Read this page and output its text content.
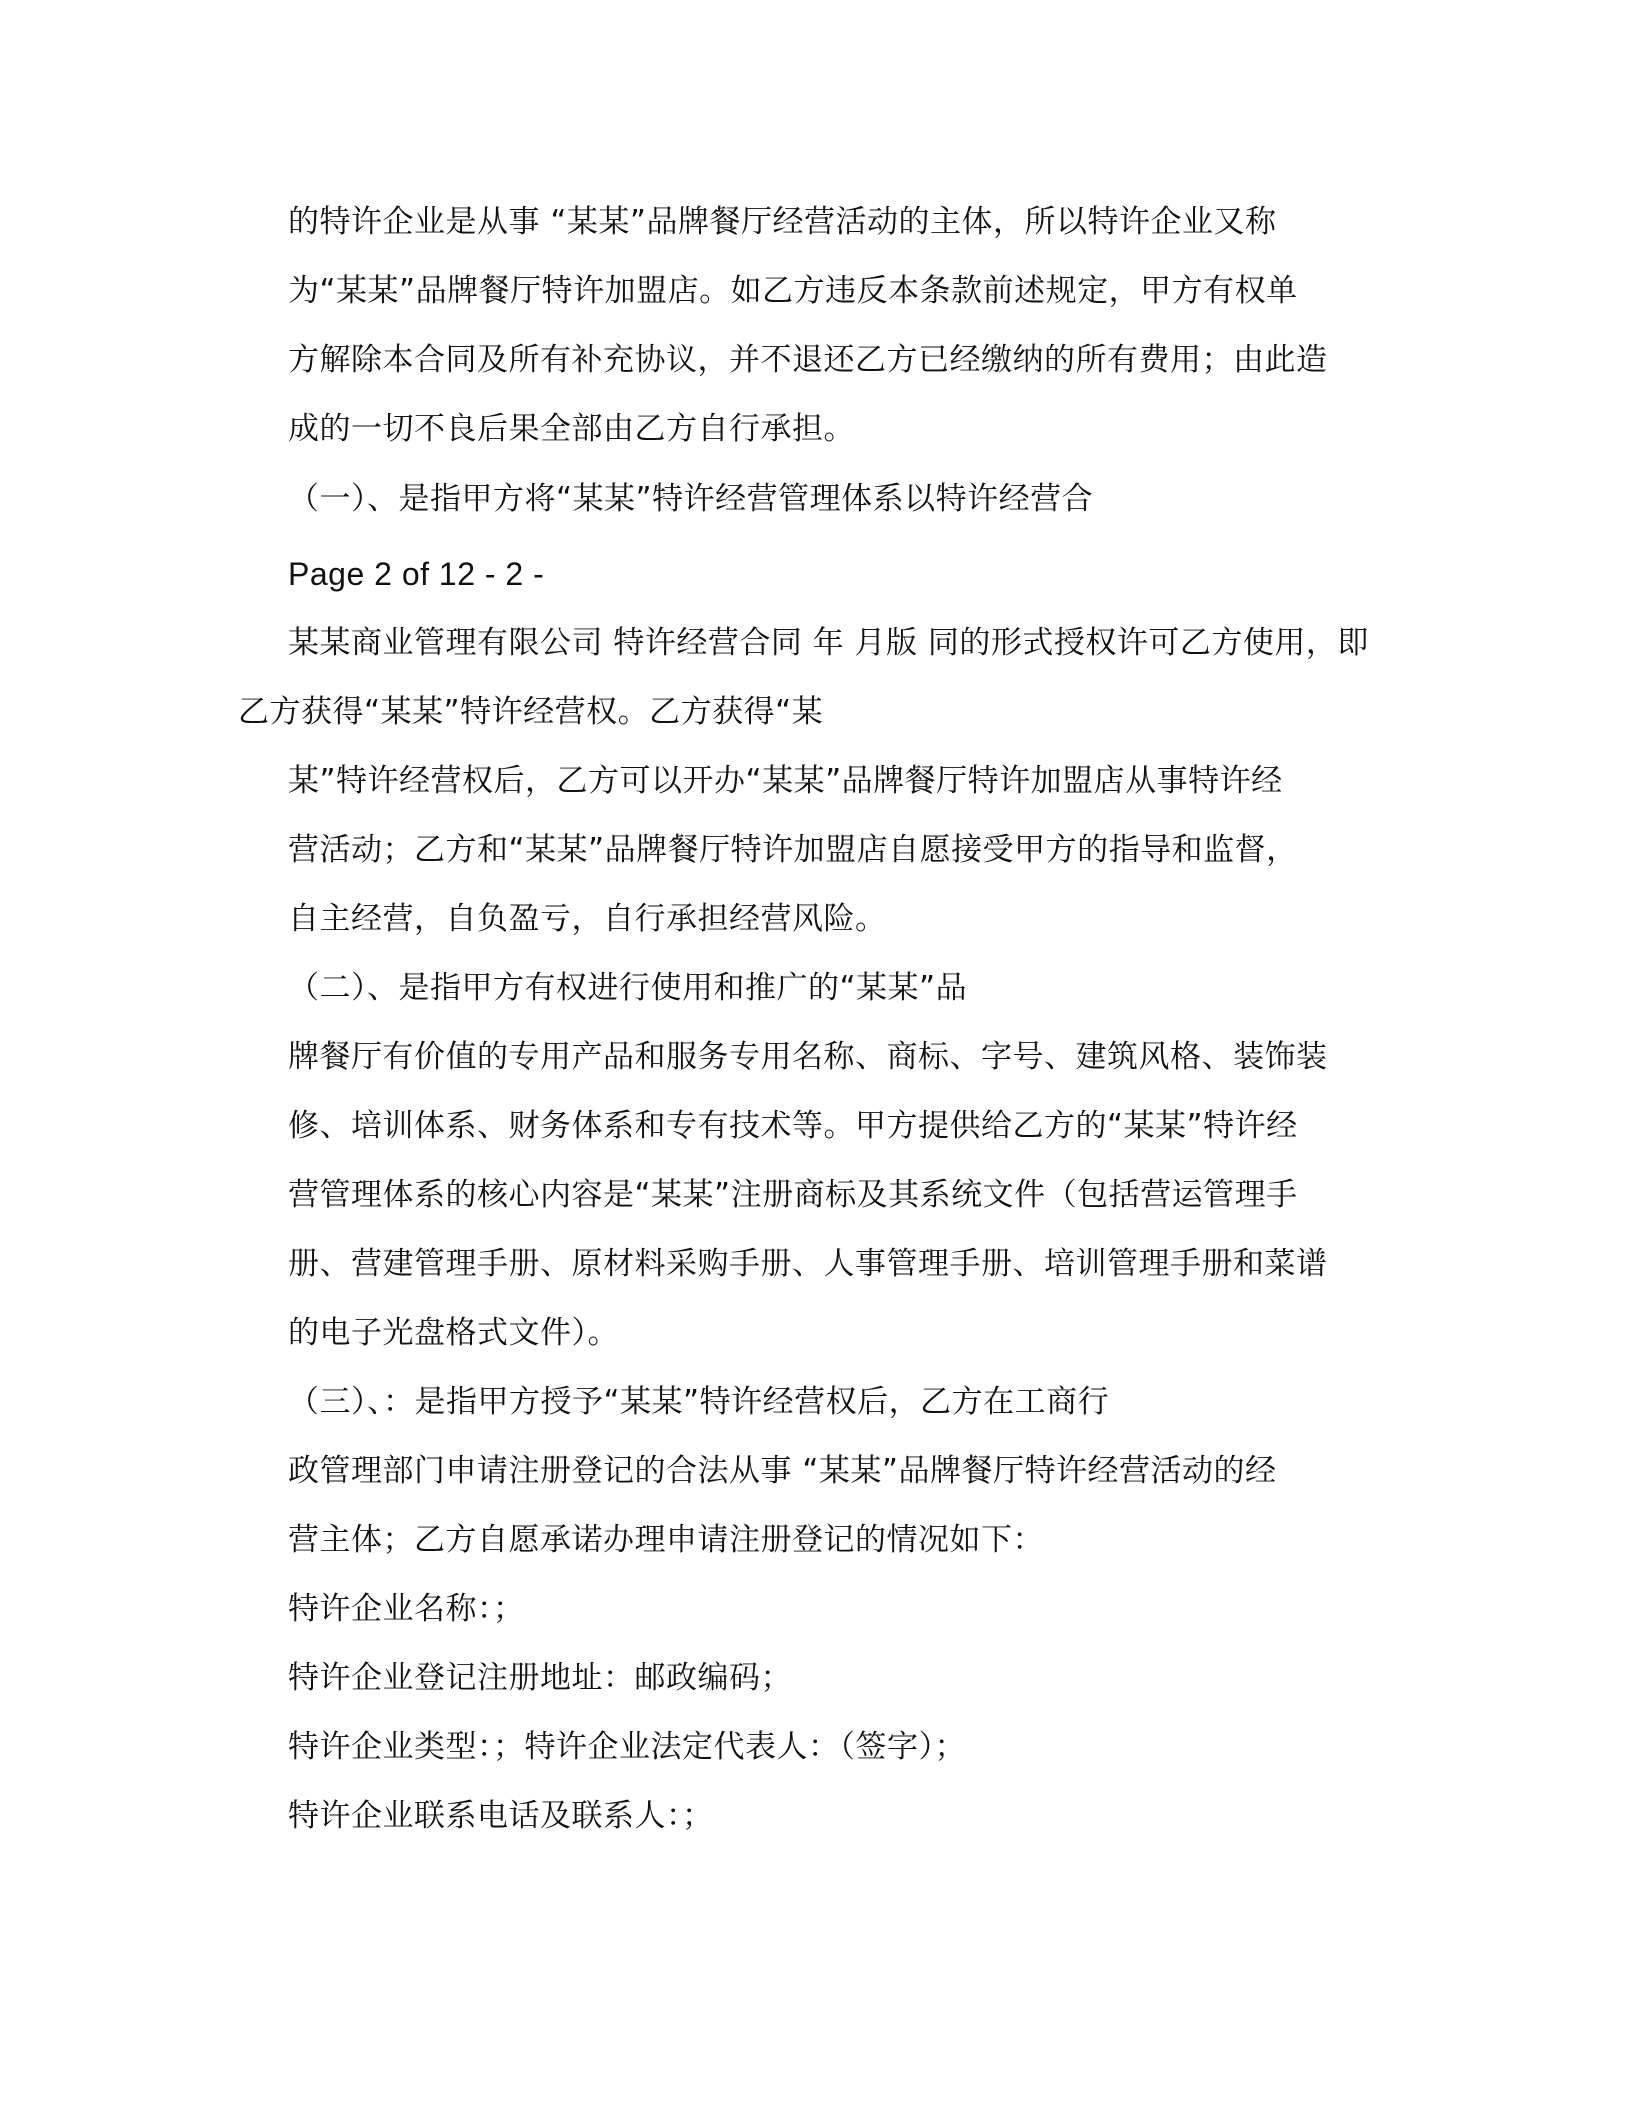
的特许企业是从事 “某某”品牌餐厅经营活动的主体，所以特许企业又称
为“某某”品牌餐厅特许加盟店。如乙方违反本条款前述规定，甲方有权单
方解除本合同及所有补充协议，并不退还乙方已经缴纳的所有费用；由此造
成的一切不良后果全部由乙方自行承担。
（一）、是指甲方将“某某”特许经营管理体系以特许经营合
Page 2 of 12 - 2 -
某某商业管理有限公司 特许经营合同 年 月版 同的形式授权许可乙方使用，即
乙方获得“某某”特许经营权。乙方获得“某
某”特许经营权后，乙方可以开办“某某”品牌餐厅特许加盟店从事特许经
营活动；乙方和“某某”品牌餐厅特许加盟店自愿接受甲方的指导和监督，
自主经营，自负盈亏，自行承担经营风险。
（二）、是指甲方有权进行使用和推广的“某某”品
牌餐厅有价值的专用产品和服务专用名称、商标、字号、建筑风格、装饰装
修、培训体系、财务体系和专有技术等。甲方提供给乙方的“某某”特许经
营管理体系的核心内容是“某某”注册商标及其系统文件（包括营运管理手
册、营建管理手册、原材料采购手册、人事管理手册、培训管理手册和菜谱
的电子光盘格式文件）。
（三）、：是指甲方授予“某某”特许经营权后，乙方在工商行
政管理部门申请注册登记的合法从事 “某某”品牌餐厅特许经营活动的经
营主体；乙方自愿承诺办理申请注册登记的情况如下：
特许企业名称：；
特许企业登记注册地址：邮政编码；
特许企业类型：；特许企业法定代表人：（签字）；
特许企业联系电话及联系人：；
